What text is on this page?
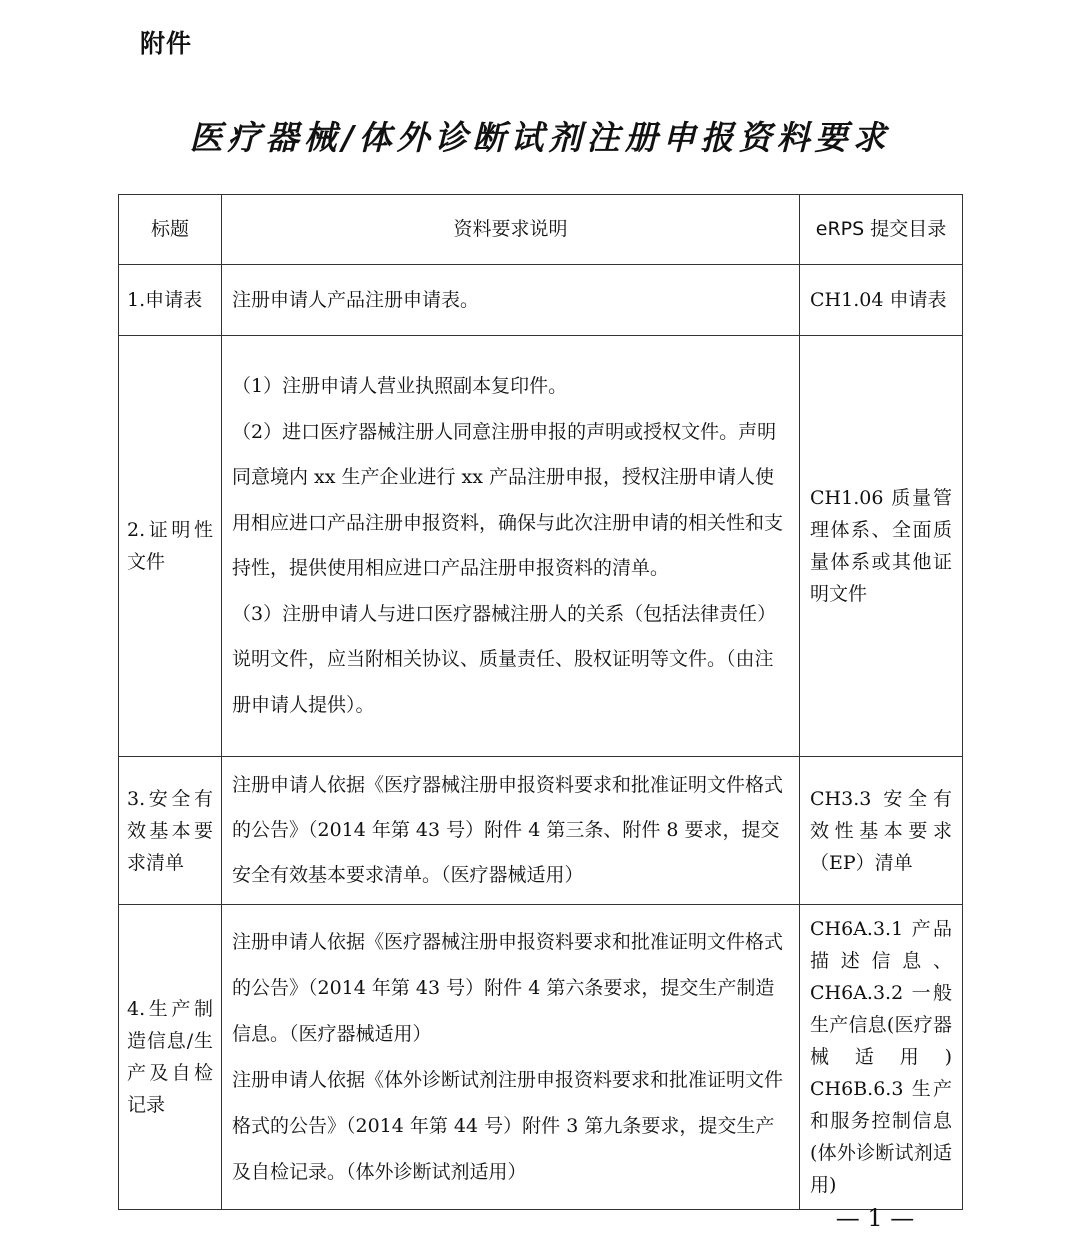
附件
医疗器械/体外诊断试剂注册申报资料要求
标题	资料要求说明	eRPS 提交目录

1.申请表	注册申请人产品注册申请表。	CH1.04 申请表

2.证明性文件	（1）注册申请人营业执照副本复印件。

（2）进口医疗器械注册人同意注册申报的声明或授权文件。声明同意境内 xx 生产企业进行 xx 产品注册申报，授权注册申请人使用相应进口产品注册申报资料，确保与此次注册申请的相关性和支持性，提供使用相应进口产品注册申报资料的清单。

（3）注册申请人与进口医疗器械注册人的关系（包括法律责任）说明文件，应当附相关协议、质量责任、股权证明等文件。（由注册申请人提供）。	CH1.06 质量管理体系、全面质量体系或其他证明文件

3.安全有效基本要求清单	注册申请人依据《医疗器械注册申报资料要求和批准证明文件格式的公告》（2014 年第 43 号）附件 4 第三条、附件 8 要求，提交安全有效基本要求清单。（医疗器械适用）	CH3.3 安全有效性基本要求（EP）清单

4.生产制造信息/生产及自检记录	注册申请人依据《医疗器械注册申报资料要求和批准证明文件格式的公告》（2014 年第 43 号）附件 4 第六条要求，提交生产制造信息。（医疗器械适用）

注册申请人依据《体外诊断试剂注册申报资料要求和批准证明文件格式的公告》（2014 年第 44 号）附件 3 第九条要求，提交生产及自检记录。（体外诊断试剂适用）	CH6A.3.1 产品描述信息、CH6A.3.2 一般生产信息(医疗器械适用) CH6B.6.3 生产和服务控制信息(体外诊断试剂适用)
— 1 —
